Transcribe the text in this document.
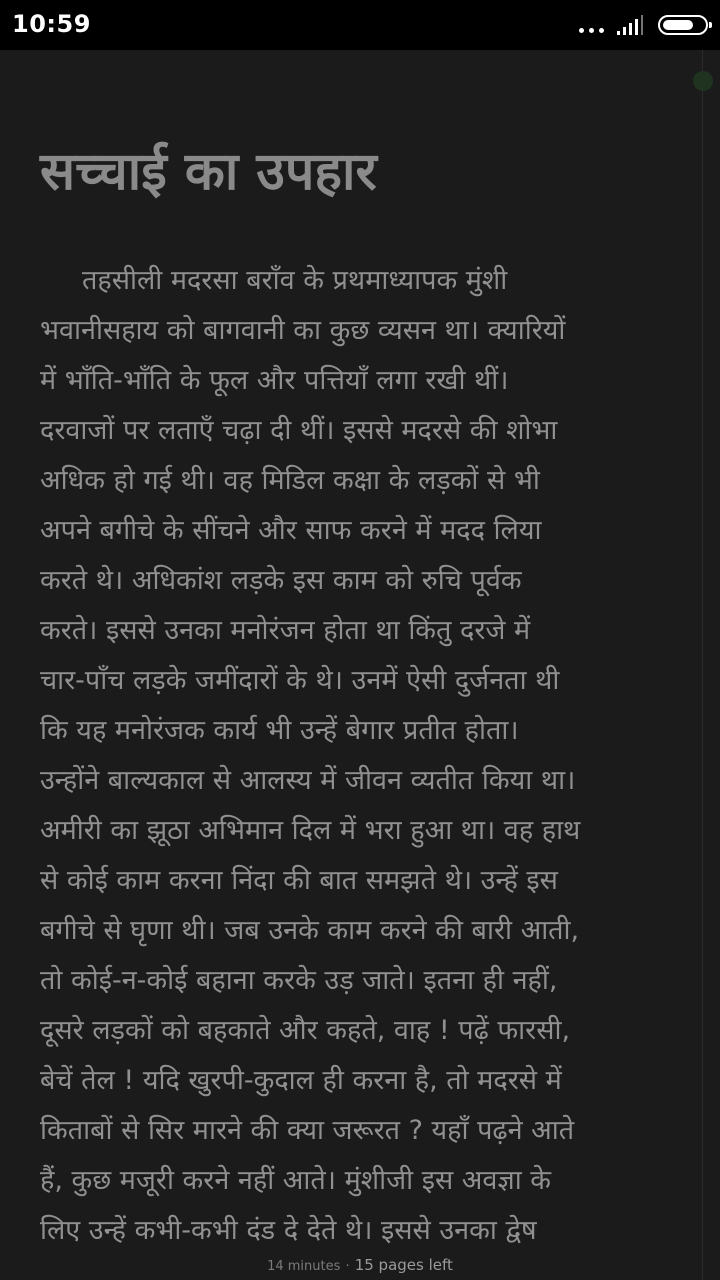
10:59
सच्चाई का उपहार
तहसीली मदरसा बराँव के प्रथमाध्यापक मुंशी
भवानीसहाय को बागवानी का कुछ व्यसन था। क्यारियों
में भाँति-भाँति के फूल और पत्तियाँ लगा रखी थीं।
दरवाजों पर लताएँ चढ़ा दी थीं। इससे मदरसे की शोभा
अधिक हो गई थी। वह मिडिल कक्षा के लड़कों से भी
अपने बगीचे के सींचने और साफ करने में मदद लिया
करते थे। अधिकांश लड़के इस काम को रुचि पूर्वक
करते। इससे उनका मनोरंजन होता था किंतु दरजे में
चार-पाँच लड़के जमींदारों के थे। उनमें ऐसी दुर्जनता थी
कि यह मनोरंजक कार्य भी उन्हें बेगार प्रतीत होता।
उन्होंने बाल्यकाल से आलस्य में जीवन व्यतीत किया था।
अमीरी का झूठा अभिमान दिल में भरा हुआ था। वह हाथ
से कोई काम करना निंदा की बात समझते थे। उन्हें इस
बगीचे से घृणा थी। जब उनके काम करने की बारी आती,
तो कोई-न-कोई बहाना करके उड़ जाते। इतना ही नहीं,
दूसरे लड़कों को बहकाते और कहते, वाह ! पढ़ें फारसी,
बेचें तेल ! यदि खुरपी-कुदाल ही करना है, तो मदरसे में
किताबों से सिर मारने की क्या जरूरत ? यहाँ पढ़ने आते
हैं, कुछ मजूरी करने नहीं आते। मुंशीजी इस अवज्ञा के
लिए उन्हें कभी-कभी दंड दे देते थे। इससे उनका द्वेष
14 minutes · 15 pages left
